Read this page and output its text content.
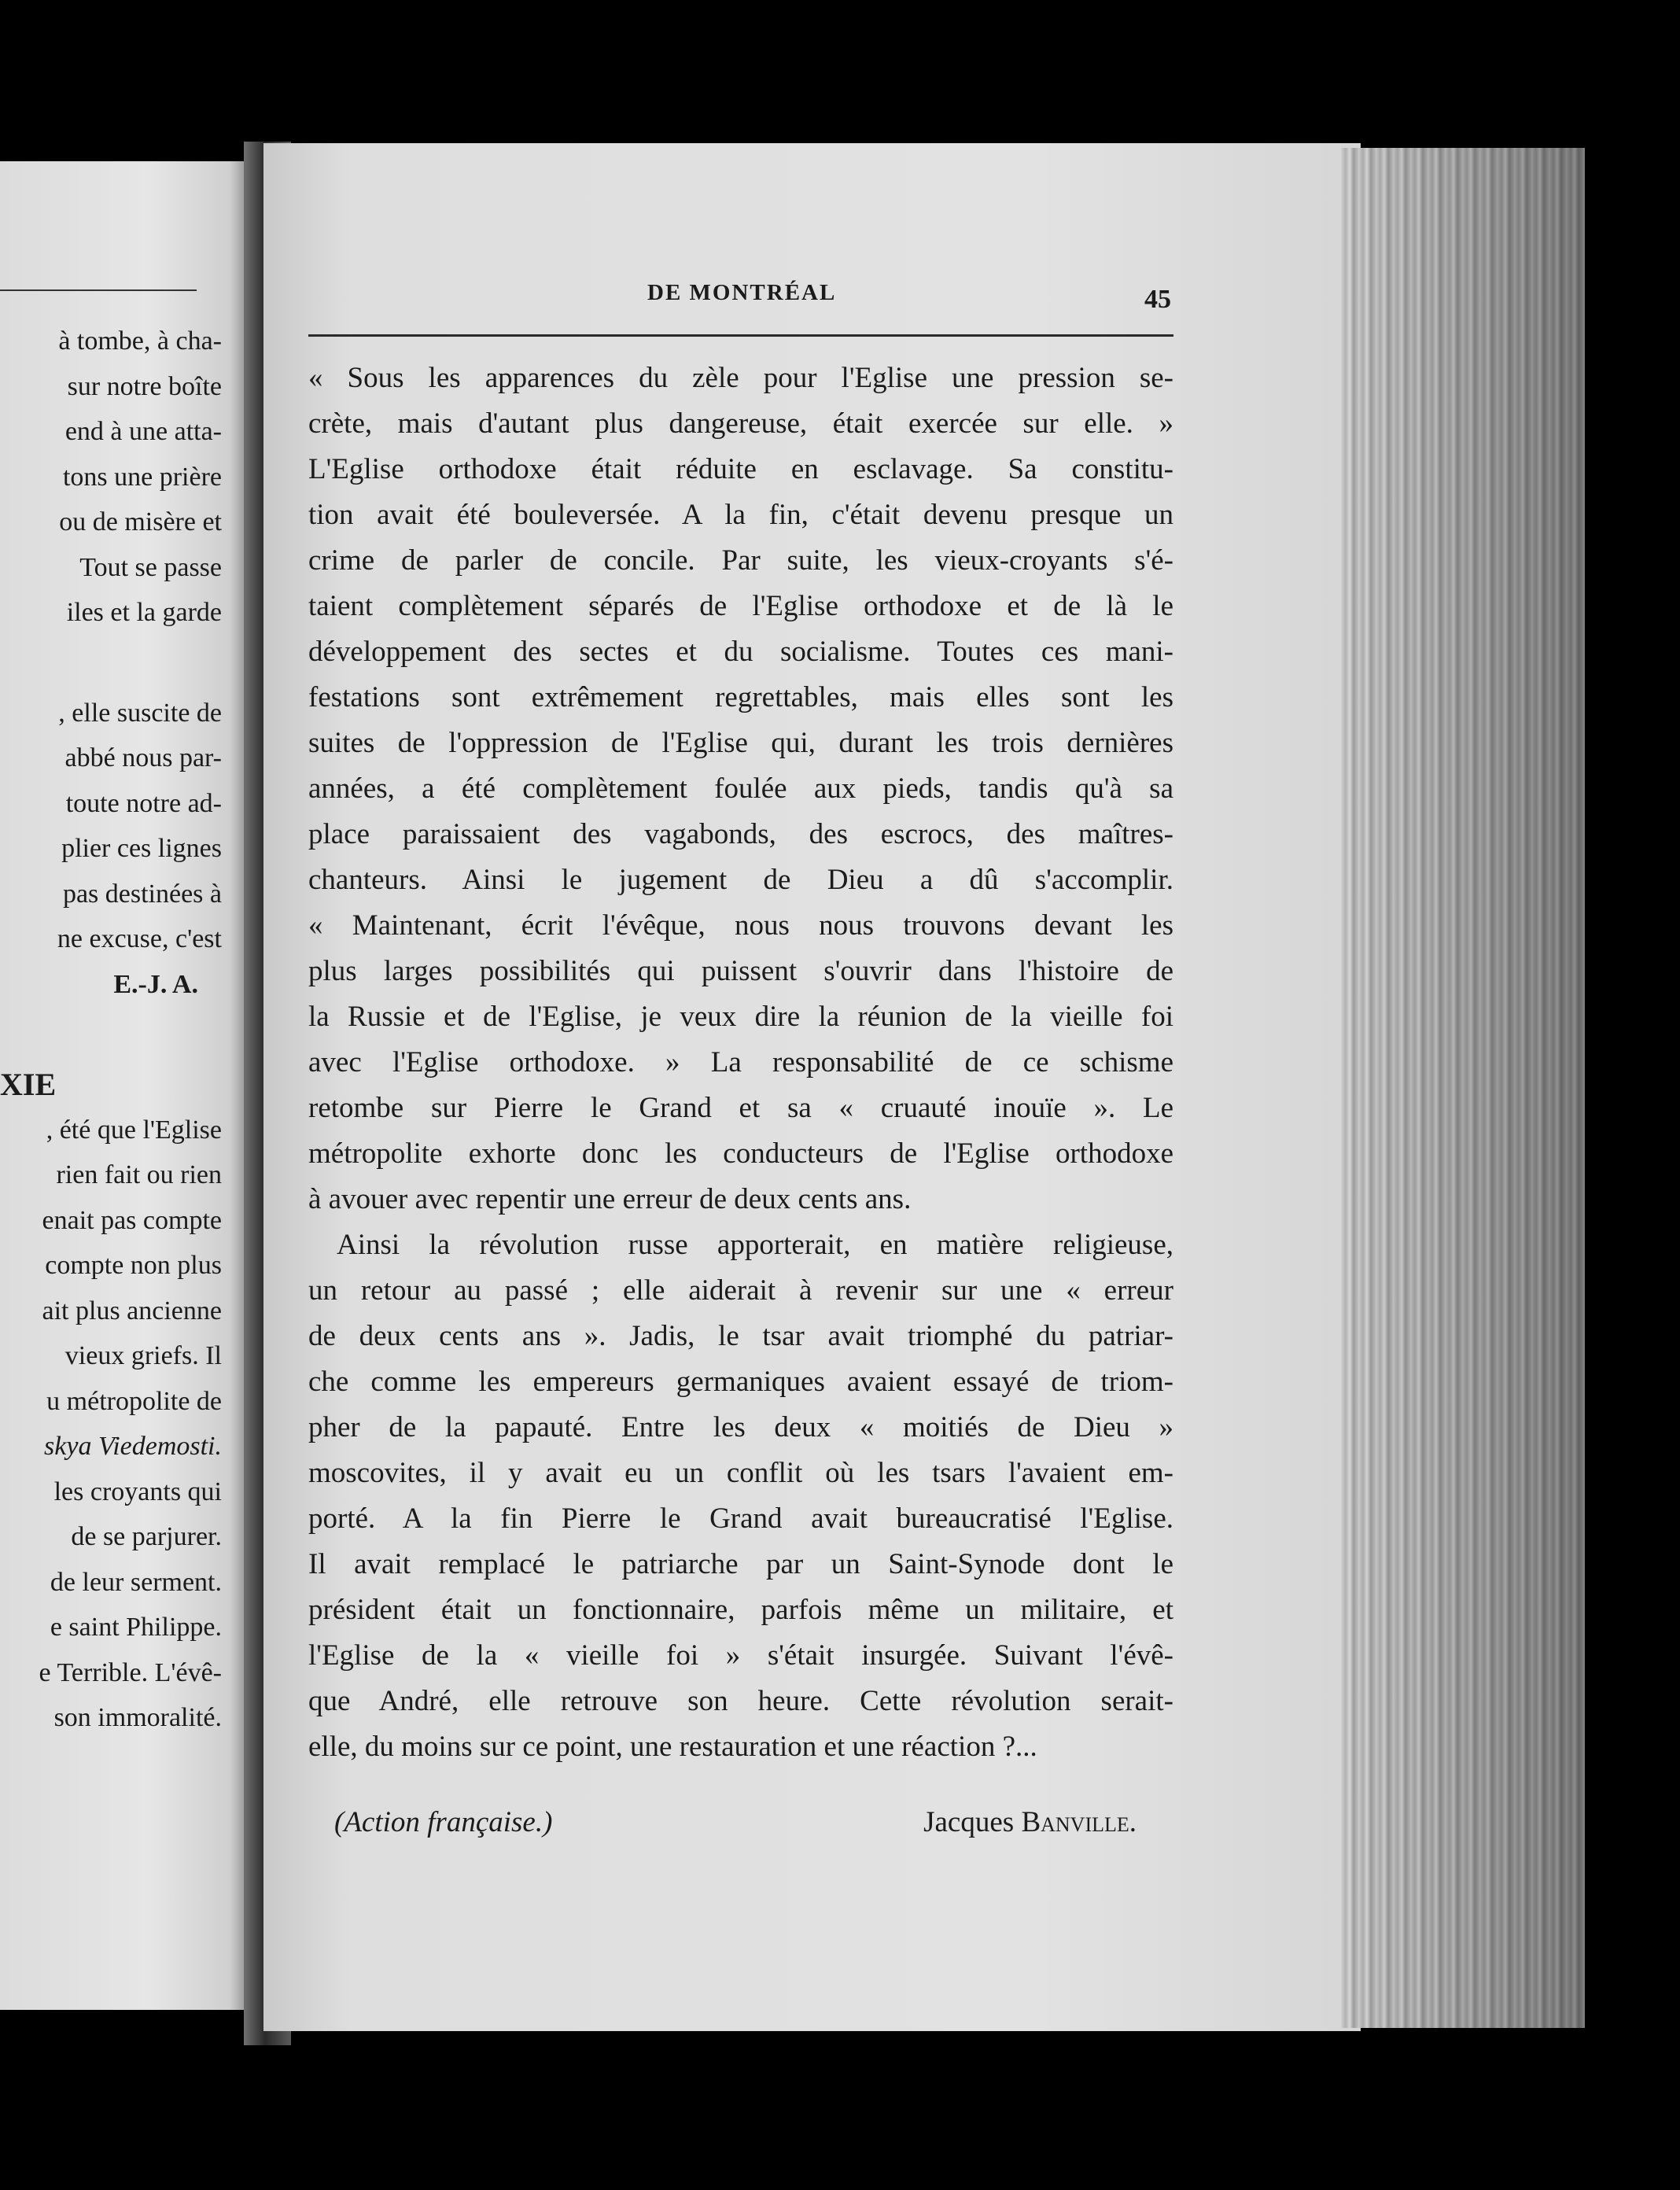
à tombe, à cha-
sur notre boîte
end à une atta-
tons une prière
ou de misère et
Tout se passe
iles et la garde
, elle suscite de
abbé nous par-
toute notre ad-
plier ces lignes
pas destinées à
ne excuse, c'est
E.-J. A.
XIE
, été que l'Eglise
rien fait ou rien
enait pas compte
compte non plus
ait plus ancienne
vieux griefs. Il
u métropolite de
skya Viedemosti.
les croyants qui
de se parjurer.
de leur serment.
e saint Philippe.
e Terrible. L'évê-
son immoralité.
DE MONTRÉAL	45
« Sous les apparences du zèle pour l'Eglise une pression se-
crète, mais d'autant plus dangereuse, était exercée sur elle. »
L'Eglise orthodoxe était réduite en esclavage. Sa constitu-
tion avait été bouleversée. A la fin, c'était devenu presque un
crime de parler de concile. Par suite, les vieux-croyants s'é-
taient complètement séparés de l'Eglise orthodoxe et de là le
développement des sectes et du socialisme. Toutes ces mani-
festations sont extrêmement regrettables, mais elles sont les
suites de l'oppression de l'Eglise qui, durant les trois dernières
années, a été complètement foulée aux pieds, tandis qu'à sa
place paraissaient des vagabonds, des escrocs, des maîtres-
chanteurs. Ainsi le jugement de Dieu a dû s'accomplir.
« Maintenant, écrit l'évêque, nous nous trouvons devant les
plus larges possibilités qui puissent s'ouvrir dans l'histoire de
la Russie et de l'Eglise, je veux dire la réunion de la vieille foi
avec l'Eglise orthodoxe. » La responsabilité de ce schisme
retombe sur Pierre le Grand et sa « cruauté inouïe ». Le
métropolite exhorte donc les conducteurs de l'Eglise orthodoxe
à avouer avec repentir une erreur de deux cents ans.
Ainsi la révolution russe apporterait, en matière religieuse,
un retour au passé ; elle aiderait à revenir sur une « erreur
de deux cents ans ». Jadis, le tsar avait triomphé du patriar-
che comme les empereurs germaniques avaient essayé de triom-
pher de la papauté. Entre les deux « moitiés de Dieu »
moscovites, il y avait eu un conflit où les tsars l'avaient em-
porté. A la fin Pierre le Grand avait bureaucratisé l'Eglise.
Il avait remplacé le patriarche par un Saint-Synode dont le
président était un fonctionnaire, parfois même un militaire, et
l'Eglise de la « vieille foi » s'était insurgée. Suivant l'évê-
que André, elle retrouve son heure. Cette révolution serait-
elle, du moins sur ce point, une restauration et une réaction ?...
(Action française.)	Jacques Banville.
